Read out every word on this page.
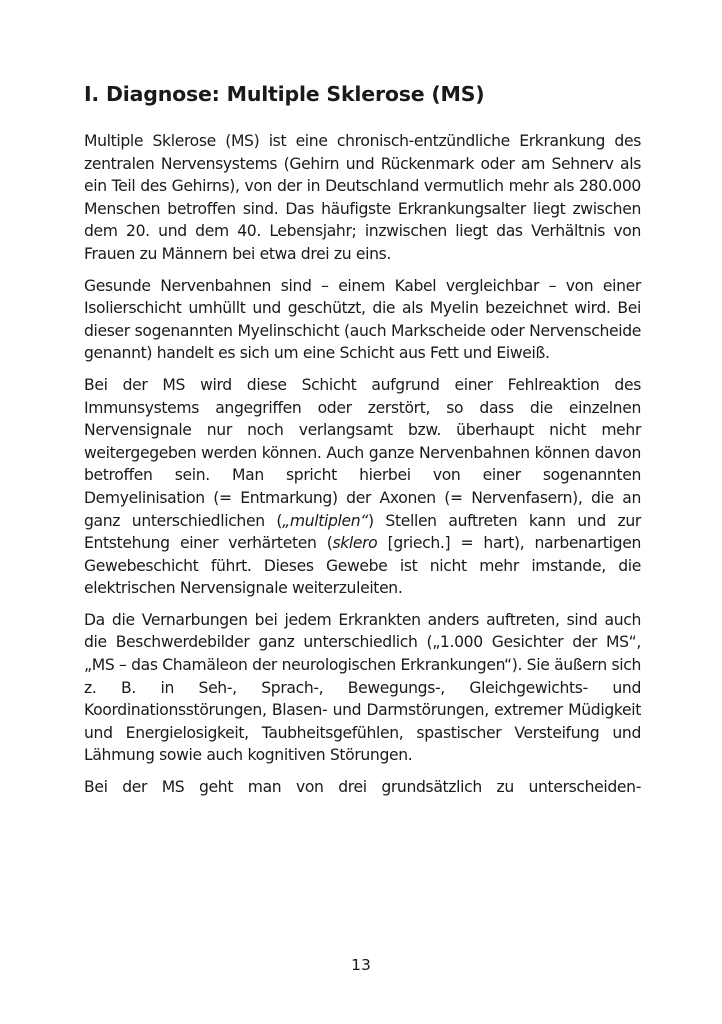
I. Diagnose: Multiple Sklerose (MS)

Multiple Sklerose (MS) ist eine chronisch-entzündliche Erkrankung des zentralen Nervensystems (Gehirn und Rückenmark oder am Sehnerv als ein Teil des Gehirns), von der in Deutschland vermutlich mehr als 280.000 Menschen betroffen sind. Das häufigste Erkrankungsalter liegt zwischen dem 20. und dem 40. Lebensjahr; inzwischen liegt das Verhältnis von Frauen zu Männern bei etwa drei zu eins.

Gesunde Nervenbahnen sind – einem Kabel vergleichbar – von einer Isolierschicht umhüllt und geschützt, die als Myelin bezeichnet wird. Bei dieser sogenannten Myelinschicht (auch Markscheide oder Nervenscheide genannt) handelt es sich um eine Schicht aus Fett und Eiweiß.

Bei der MS wird diese Schicht aufgrund einer Fehlreaktion des Immunsystems angegriffen oder zerstört, so dass die einzelnen Nervensignale nur noch verlangsamt bzw. überhaupt nicht mehr weitergegeben werden können. Auch ganze Nervenbahnen können davon betroffen sein. Man spricht hierbei von einer sogenannten Demyelinisation (= Entmarkung) der Axonen (= Nervenfasern), die an ganz unterschiedlichen („multiplen“) Stellen auftreten kann und zur Entstehung einer verhärteten (sklero [griech.] = hart), narbenartigen Gewebeschicht führt. Dieses Gewebe ist nicht mehr imstande, die elektrischen Nervensignale weiterzuleiten.

Da die Vernarbungen bei jedem Erkrankten anders auftreten, sind auch die Beschwerdebilder ganz unterschiedlich („1.000 Gesichter der MS“, „MS – das Chamäleon der neurologischen Erkrankungen“). Sie äußern sich z. B. in Seh-, Sprach-, Bewegungs-, Gleichgewichts- und Koordinationsstörungen, Blasen- und Darmstörungen, extremer Müdigkeit und Energielosigkeit, Taubheitsgefühlen, spastischer Versteifung und Lähmung sowie auch kognitiven Störungen.

Bei der MS geht man von drei grundsätzlich zu unterscheiden-

13
